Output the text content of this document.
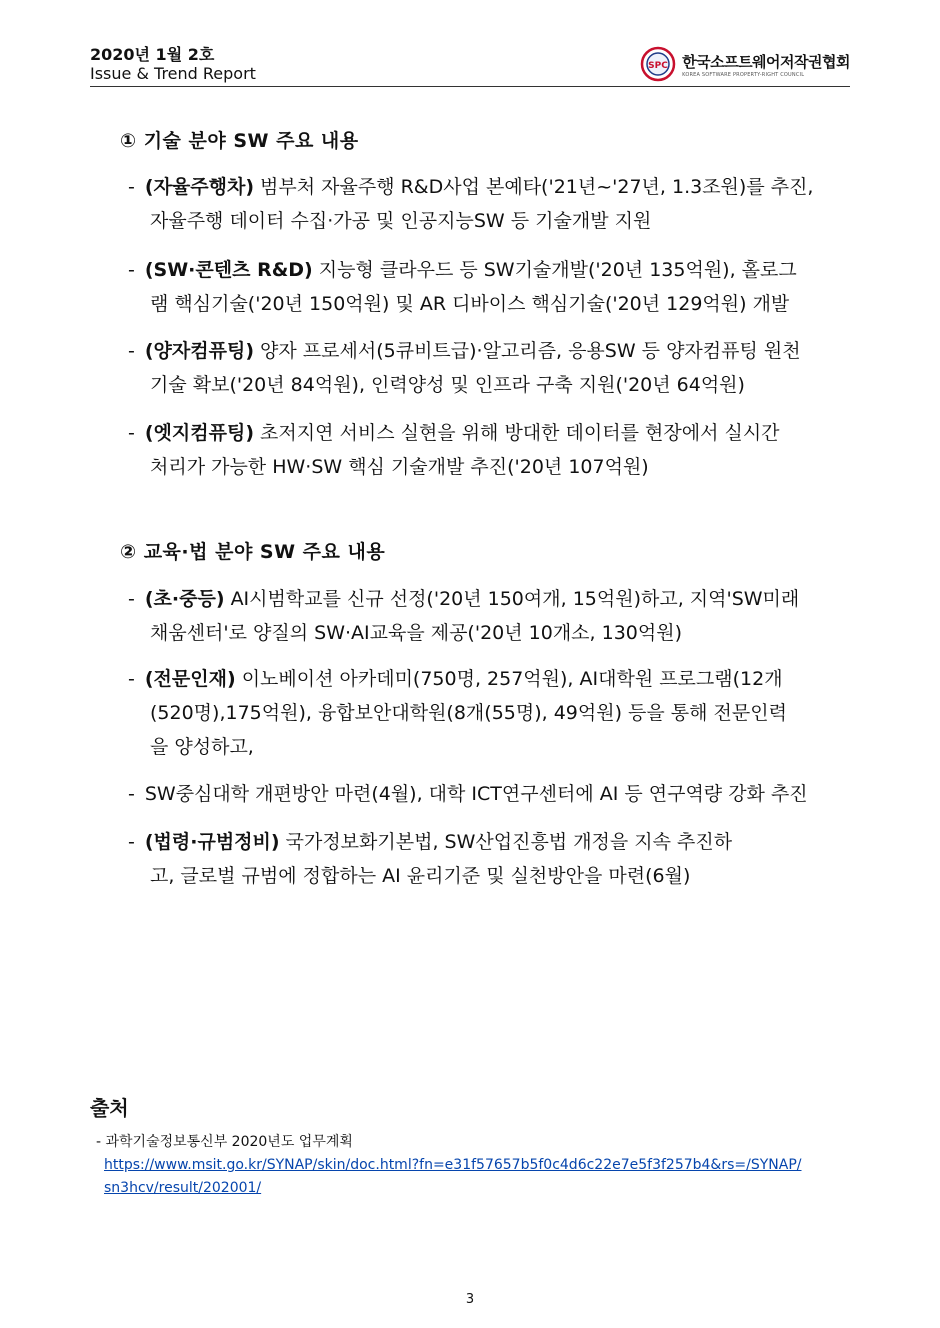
2020년 1월 2호
Issue & Trend Report	SPC 한국소프트웨어저작권협회
KOREA SOFTWARE PROPERTY-RIGHT COUNCIL
① 기술 분야 SW 주요 내용
- (자율주행차) 범부처 자율주행 R&D사업 본예타('21년~'27년, 1.3조원)를 추진,
자율주행 데이터 수집·가공 및 인공지능SW 등 기술개발 지원
- (SW·콘텐츠 R&D) 지능형 클라우드 등 SW기술개발('20년 135억원), 홀로그
램 핵심기술('20년 150억원) 및 AR 디바이스 핵심기술('20년 129억원) 개발
- (양자컴퓨팅) 양자 프로세서(5큐비트급)·알고리즘, 응용SW 등 양자컴퓨팅 원천
기술 확보('20년 84억원), 인력양성 및 인프라 구축 지원('20년 64억원)
- (엣지컴퓨팅) 초저지연 서비스 실현을 위해 방대한 데이터를 현장에서 실시간
처리가 가능한 HW·SW 핵심 기술개발 추진('20년 107억원)
② 교육·법 분야 SW 주요 내용
- (초·중등) AI시범학교를 신규 선정('20년 150여개, 15억원)하고, 지역'SW미래
채움센터'로 양질의 SW·AI교육을 제공('20년 10개소, 130억원)
- (전문인재) 이노베이션 아카데미(750명, 257억원), AI대학원 프로그램(12개
(520명),175억원), 융합보안대학원(8개(55명), 49억원) 등을 통해 전문인력
을 양성하고,
- SW중심대학 개편방안 마련(4월), 대학 ICT연구센터에 AI 등 연구역량 강화 추진
- (법령·규범정비) 국가정보화기본법, SW산업진흥법 개정을 지속 추진하
고, 글로벌 규범에 정합하는 AI 윤리기준 및 실천방안을 마련(6월)
출처
- 과학기술정보통신부 2020년도 업무계획
https://www.msit.go.kr/SYNAP/skin/doc.html?fn=e31f57657b5f0c4d6c22e7e5f3f257b4&rs=/SYNAP/
sn3hcv/result/202001/
3
